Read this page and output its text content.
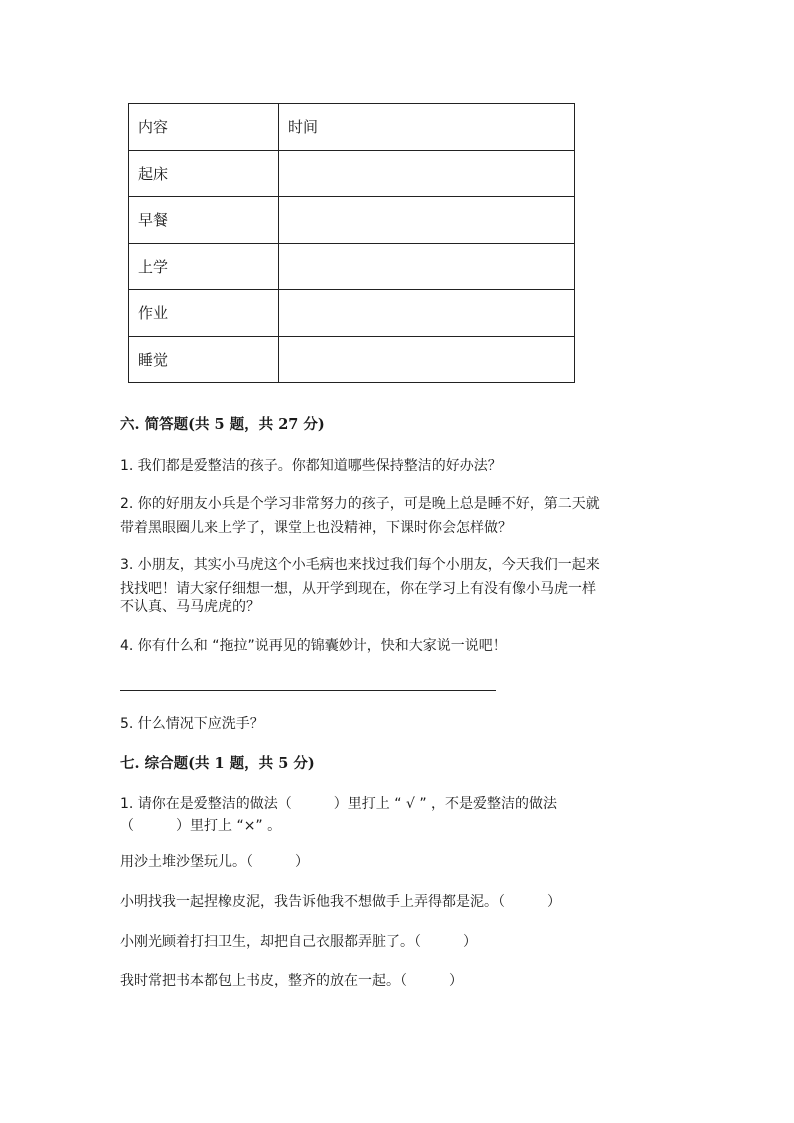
内容	时间
起床	
早餐	
上学	
作业	
睡觉	
六. 简答题(共 5 题，共 27 分)
1. 我们都是爱整洁的孩子。你都知道哪些保持整洁的好办法？
2. 你的好朋友小兵是个学习非常努力的孩子，可是晚上总是睡不好，第二天就
带着黑眼圈儿来上学了，课堂上也没精神，下课时你会怎样做？
3. 小朋友，其实小马虎这个小毛病也来找过我们每个小朋友，今天我们一起来
找找吧！请大家仔细想一想，从开学到现在，你在学习上有没有像小马虎一样
不认真、马马虎虎的？
4. 你有什么和 “拖拉”说再见的锦囊妙计，快和大家说一说吧！
5. 什么情况下应洗手？
七. 综合题(共 1 题，共 5 分)
1. 请你在是爱整洁的做法（　　　）里打上 “ √ ” ，不是爱整洁的做法
（　　　）里打上 “×” 。
用沙土堆沙堡玩儿。（　　　）
小明找我一起捏橡皮泥，我告诉他我不想做手上弄得都是泥。（　　　）
小刚光顾着打扫卫生，却把自己衣服都弄脏了。（　　　）
我时常把书本都包上书皮，整齐的放在一起。（　　　）
